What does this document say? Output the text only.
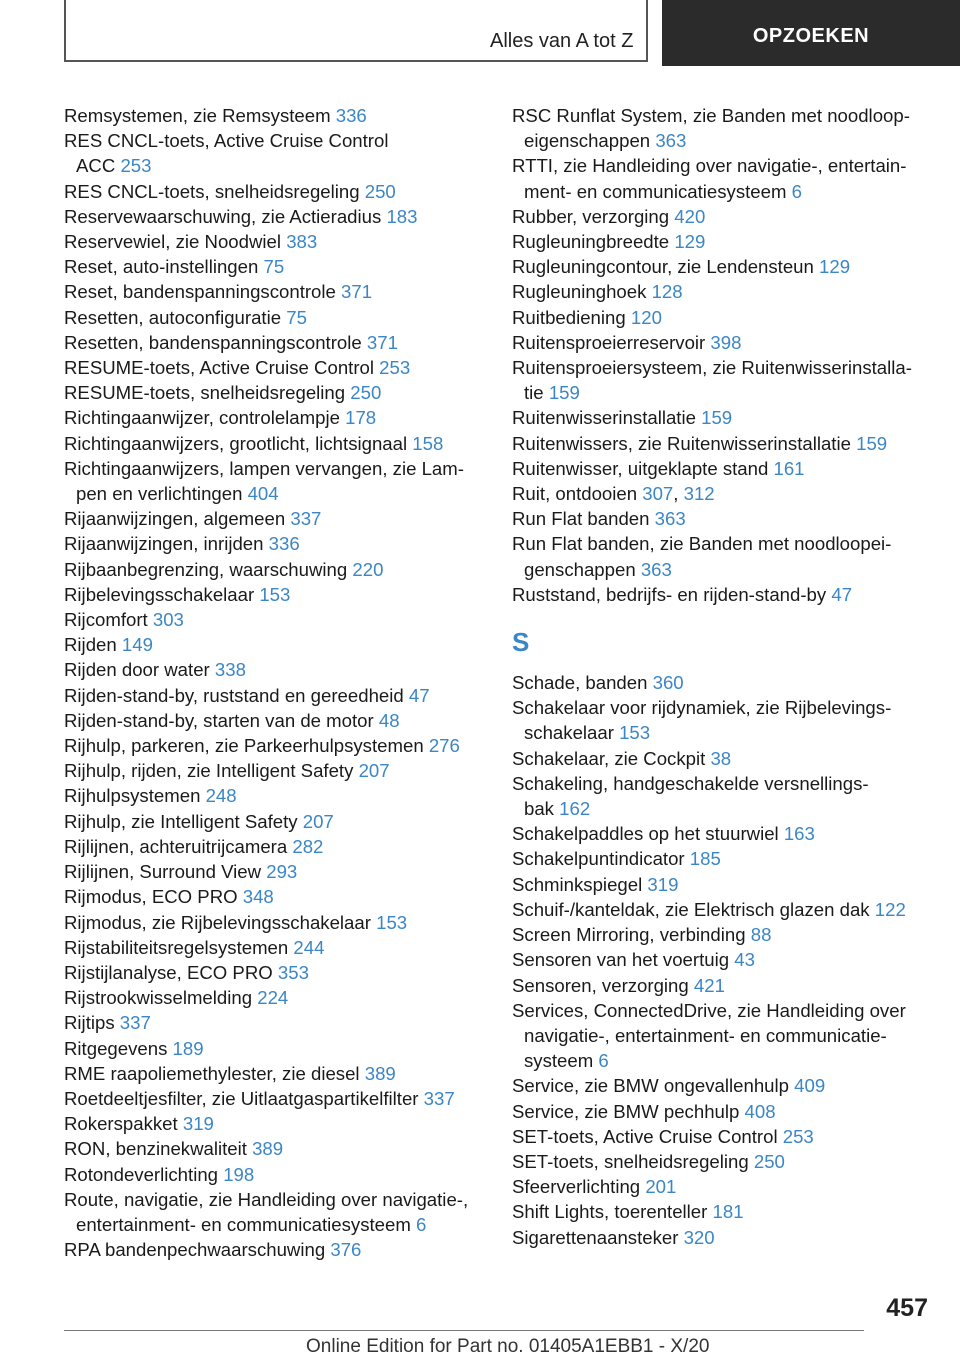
Alles van A tot Z	OPZOEKEN
Remsystemen, zie Remsysteem 336
RES CNCL-toets, Active Cruise Control
ACC 253
RES CNCL-toets, snelheidsregeling 250
Reservewaarschuwing, zie Actieradius 183
Reservewiel, zie Noodwiel 383
Reset, auto-instellingen 75
Reset, bandenspanningscontrole 371
Resetten, autoconfiguratie 75
Resetten, bandenspanningscontrole 371
RESUME-toets, Active Cruise Control 253
RESUME-toets, snelheidsregeling 250
Richtingaanwijzer, controlelampje 178
Richtingaanwijzers, grootlicht, lichtsignaal 158
Richtingaanwijzers, lampen vervangen, zie Lam-
pen en verlichtingen 404
Rijaanwijzingen, algemeen 337
Rijaanwijzingen, inrijden 336
Rijbaanbegrenzing, waarschuwing 220
Rijbelevingsschakelaar 153
Rijcomfort 303
Rijden 149
Rijden door water 338
Rijden-stand-by, ruststand en gereedheid 47
Rijden-stand-by, starten van de motor 48
Rijhulp, parkeren, zie Parkeerhulpsystemen 276
Rijhulp, rijden, zie Intelligent Safety 207
Rijhulpsystemen 248
Rijhulp, zie Intelligent Safety 207
Rijlijnen, achteruitrijcamera 282
Rijlijnen, Surround View 293
Rijmodus, ECO PRO 348
Rijmodus, zie Rijbelevingsschakelaar 153
Rijstabiliteitsregelsystemen 244
Rijstijlanalyse, ECO PRO 353
Rijstrookwisselmelding 224
Rijtips 337
Ritgegevens 189
RME raapoliemethylester, zie diesel 389
Roetdeeltjesfilter, zie Uitlaatgaspartikelfilter 337
Rokerspakket 319
RON, benzinekwaliteit 389
Rotondeverlichting 198
Route, navigatie, zie Handleiding over navigatie-,
entertainment- en communicatiesysteem 6
RPA bandenpechwaarschuwing 376
RSC Runflat System, zie Banden met noodloop-
eigenschappen 363
RTTI, zie Handleiding over navigatie-, entertain-
ment- en communicatiesysteem 6
Rubber, verzorging 420
Rugleuningbreedte 129
Rugleuningcontour, zie Lendensteun 129
Rugleuninghoek 128
Ruitbediening 120
Ruitensproeierreservoir 398
Ruitensproeiersysteem, zie Ruitenwisserinstalla-
tie 159
Ruitenwisserinstallatie 159
Ruitenwissers, zie Ruitenwisserinstallatie 159
Ruitenwisser, uitgeklapte stand 161
Ruit, ontdooien 307, 312
Run Flat banden 363
Run Flat banden, zie Banden met noodloopei-
genschappen 363
Ruststand, bedrijfs- en rijden-stand-by 47
S
Schade, banden 360
Schakelaar voor rijdynamiek, zie Rijbelevings-
schakelaar 153
Schakelaar, zie Cockpit 38
Schakeling, handgeschakelde versnellings-
bak 162
Schakelpaddles op het stuurwiel 163
Schakelpuntindicator 185
Schminkspiegel 319
Schuif-/kanteldak, zie Elektrisch glazen dak 122
Screen Mirroring, verbinding 88
Sensoren van het voertuig 43
Sensoren, verzorging 421
Services, ConnectedDrive, zie Handleiding over
navigatie-, entertainment- en communicatie-
systeem 6
Service, zie BMW ongevallenhulp 409
Service, zie BMW pechhulp 408
SET-toets, Active Cruise Control 253
SET-toets, snelheidsregeling 250
Sfeerverlichting 201
Shift Lights, toerenteller 181
Sigarettenaansteker 320
457
Online Edition for Part no. 01405A1EBB1 - X/20
